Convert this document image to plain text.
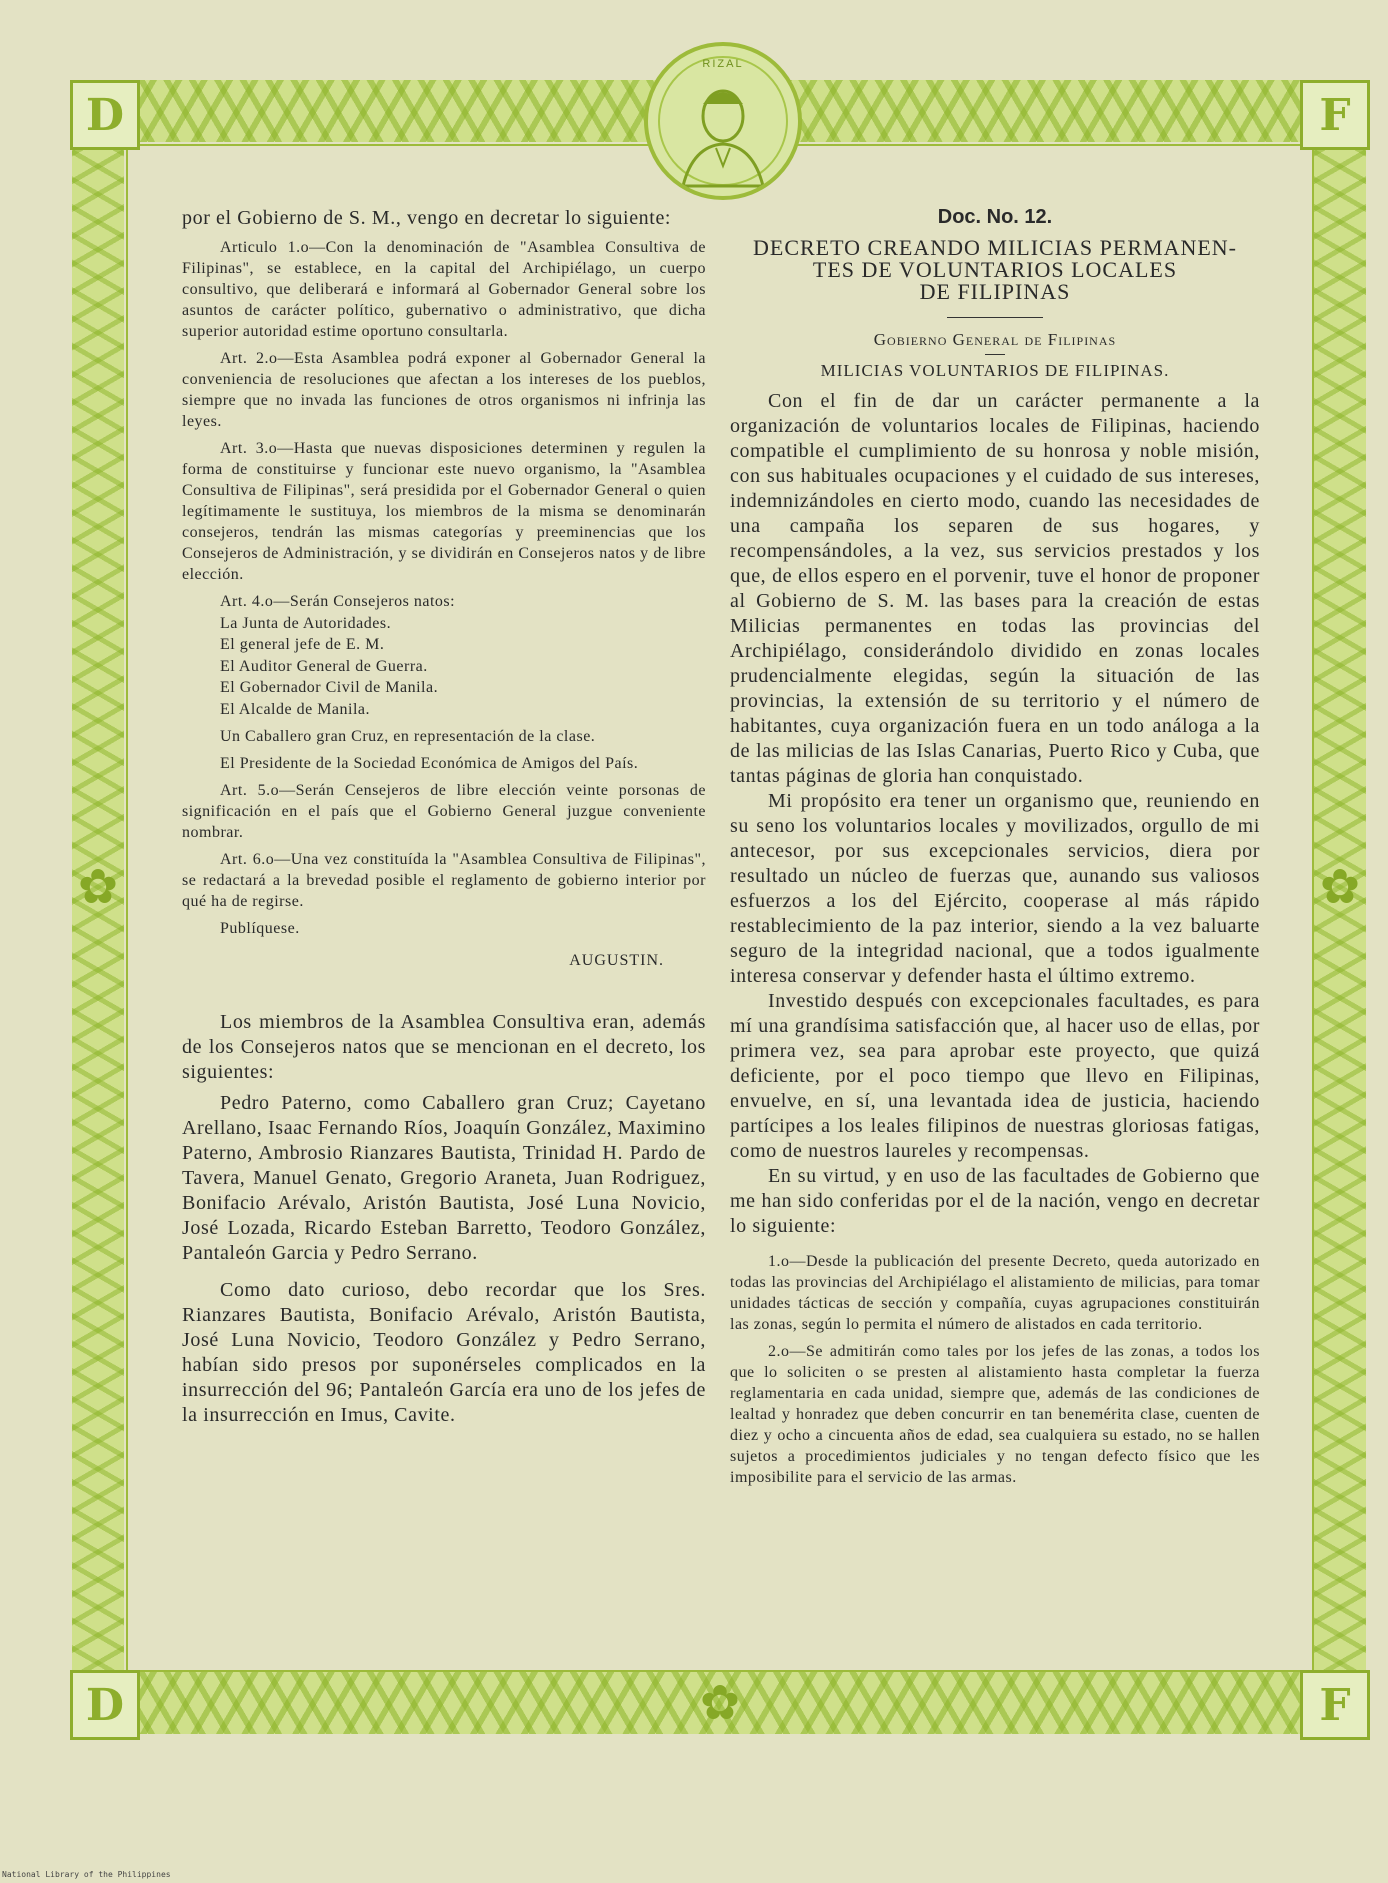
D	F
D	F
✿	✿
✿
RIZAL

por el Gobierno de S. M., vengo en decretar lo siguiente:

Articulo 1.o—Con la denominación de "Asamblea Consultiva de Filipinas", se establece, en la capital del Archipiélago, un cuerpo consultivo, que deliberará e informará al Gobernador General sobre los asuntos de carácter político, gubernativo o administrativo, que dicha superior autoridad estime oportuno consultarla.

Art. 2.o—Esta Asamblea podrá exponer al Gobernador General la conveniencia de resoluciones que afectan a los intereses de los pueblos, siempre que no invada las funciones de otros organismos ni infrinja las leyes.

Art. 3.o—Hasta que nuevas disposiciones determinen y regulen la forma de constituirse y funcionar este nuevo organismo, la "Asamblea Consultiva de Filipinas", será presidida por el Gobernador General o quien legítimamente le sustituya, los miembros de la misma se denominarán consejeros, tendrán las mismas categorías y preeminencias que los Consejeros de Administración, y se dividirán en Consejeros natos y de libre elección.

Art. 4.o—Serán Consejeros natos:

La Junta de Autoridades.

El general jefe de E. M.

El Auditor General de Guerra.

El Gobernador Civil de Manila.

El Alcalde de Manila.

Un Caballero gran Cruz, en representación de la clase.

El Presidente de la Sociedad Económica de Amigos del País.

Art. 5.o—Serán Censejeros de libre elección veinte porsonas de significación en el país que el Gobierno General juzgue conveniente nombrar.

Art. 6.o—Una vez constituída la "Asamblea Consultiva de Filipinas", se redactará a la brevedad posible el reglamento de gobierno interior por qué ha de regirse.

Publíquese.

AUGUSTIN.

Los miembros de la Asamblea Consultiva eran, además de los Consejeros natos que se mencionan en el decreto, los siguientes:

Pedro Paterno, como Caballero gran Cruz; Cayetano Arellano, Isaac Fernando Ríos, Joaquín González, Maximino Paterno, Ambrosio Rianzares Bautista, Trinidad H. Pardo de Tavera, Manuel Genato, Gregorio Araneta, Juan Rodriguez, Bonifacio Arévalo, Aristón Bautista, José Luna Novicio, José Lozada, Ricardo Esteban Barretto, Teodoro González, Pantaleón Garcia y Pedro Serrano.

Como dato curioso, debo recordar que los Sres. Rianzares Bautista, Bonifacio Arévalo, Aristón Bautista, José Luna Novicio, Teodoro González y Pedro Serrano, habían sido presos por suponérseles complicados en la insurrección del 96; Pantaleón García era uno de los jefes de la insurrección en Imus, Cavite.

Doc. No. 12.

DECRETO CREANDO MILICIAS PERMANEN-

TES DE VOLUNTARIOS LOCALES

DE FILIPINAS

Gobierno General de Filipinas

MILICIAS VOLUNTARIOS DE FILIPINAS.

Con el fin de dar un carácter permanente a la organización de voluntarios locales de Filipinas, haciendo compatible el cumplimiento de su honrosa y noble misión, con sus habituales ocupaciones y el cuidado de sus intereses, indemnizándoles en cierto modo, cuando las necesidades de una campaña los separen de sus hogares, y recompensándoles, a la vez, sus servicios prestados y los que, de ellos espero en el porvenir, tuve el honor de proponer al Gobierno de S. M. las bases para la creación de estas Milicias permanentes en todas las provincias del Archipiélago, considerándolo dividido en zonas locales prudencialmente elegidas, según la situación de las provincias, la extensión de su territorio y el número de habitantes, cuya organización fuera en un todo análoga a la de las milicias de las Islas Canarias, Puerto Rico y Cuba, que tantas páginas de gloria han conquistado.

Mi propósito era tener un organismo que, reuniendo en su seno los voluntarios locales y movilizados, orgullo de mi antecesor, por sus excepcionales servicios, diera por resultado un núcleo de fuerzas que, aunando sus valiosos esfuerzos a los del Ejército, cooperase al más rápido restablecimiento de la paz interior, siendo a la vez baluarte seguro de la integridad nacional, que a todos igualmente interesa conservar y defender hasta el último extremo.

Investido después con excepcionales facultades, es para mí una grandísima satisfacción que, al hacer uso de ellas, por primera vez, sea para aprobar este proyecto, que quizá deficiente, por el poco tiempo que llevo en Filipinas, envuelve, en sí, una levantada idea de justicia, haciendo partícipes a los leales filipinos de nuestras gloriosas fatigas, como de nuestros laureles y recompensas.

En su virtud, y en uso de las facultades de Gobierno que me han sido conferidas por el de la nación, vengo en decretar lo siguiente:

1.o—Desde la publicación del presente Decreto, queda autorizado en todas las provincias del Archipiélago el alistamiento de milicias, para tomar unidades tácticas de sección y compañía, cuyas agrupaciones constituirán las zonas, según lo permita el número de alistados en cada territorio.

2.o—Se admitirán como tales por los jefes de las zonas, a todos los que lo soliciten o se presten al alistamiento hasta completar la fuerza reglamentaria en cada unidad, siempre que, además de las condiciones de lealtad y honradez que deben concurrir en tan benemérita clase, cuenten de diez y ocho a cincuenta años de edad, sea cualquiera su estado, no se hallen sujetos a procedimientos judiciales y no tengan defecto físico que les imposibilite para el servicio de las armas.

National Library of the Philippines
